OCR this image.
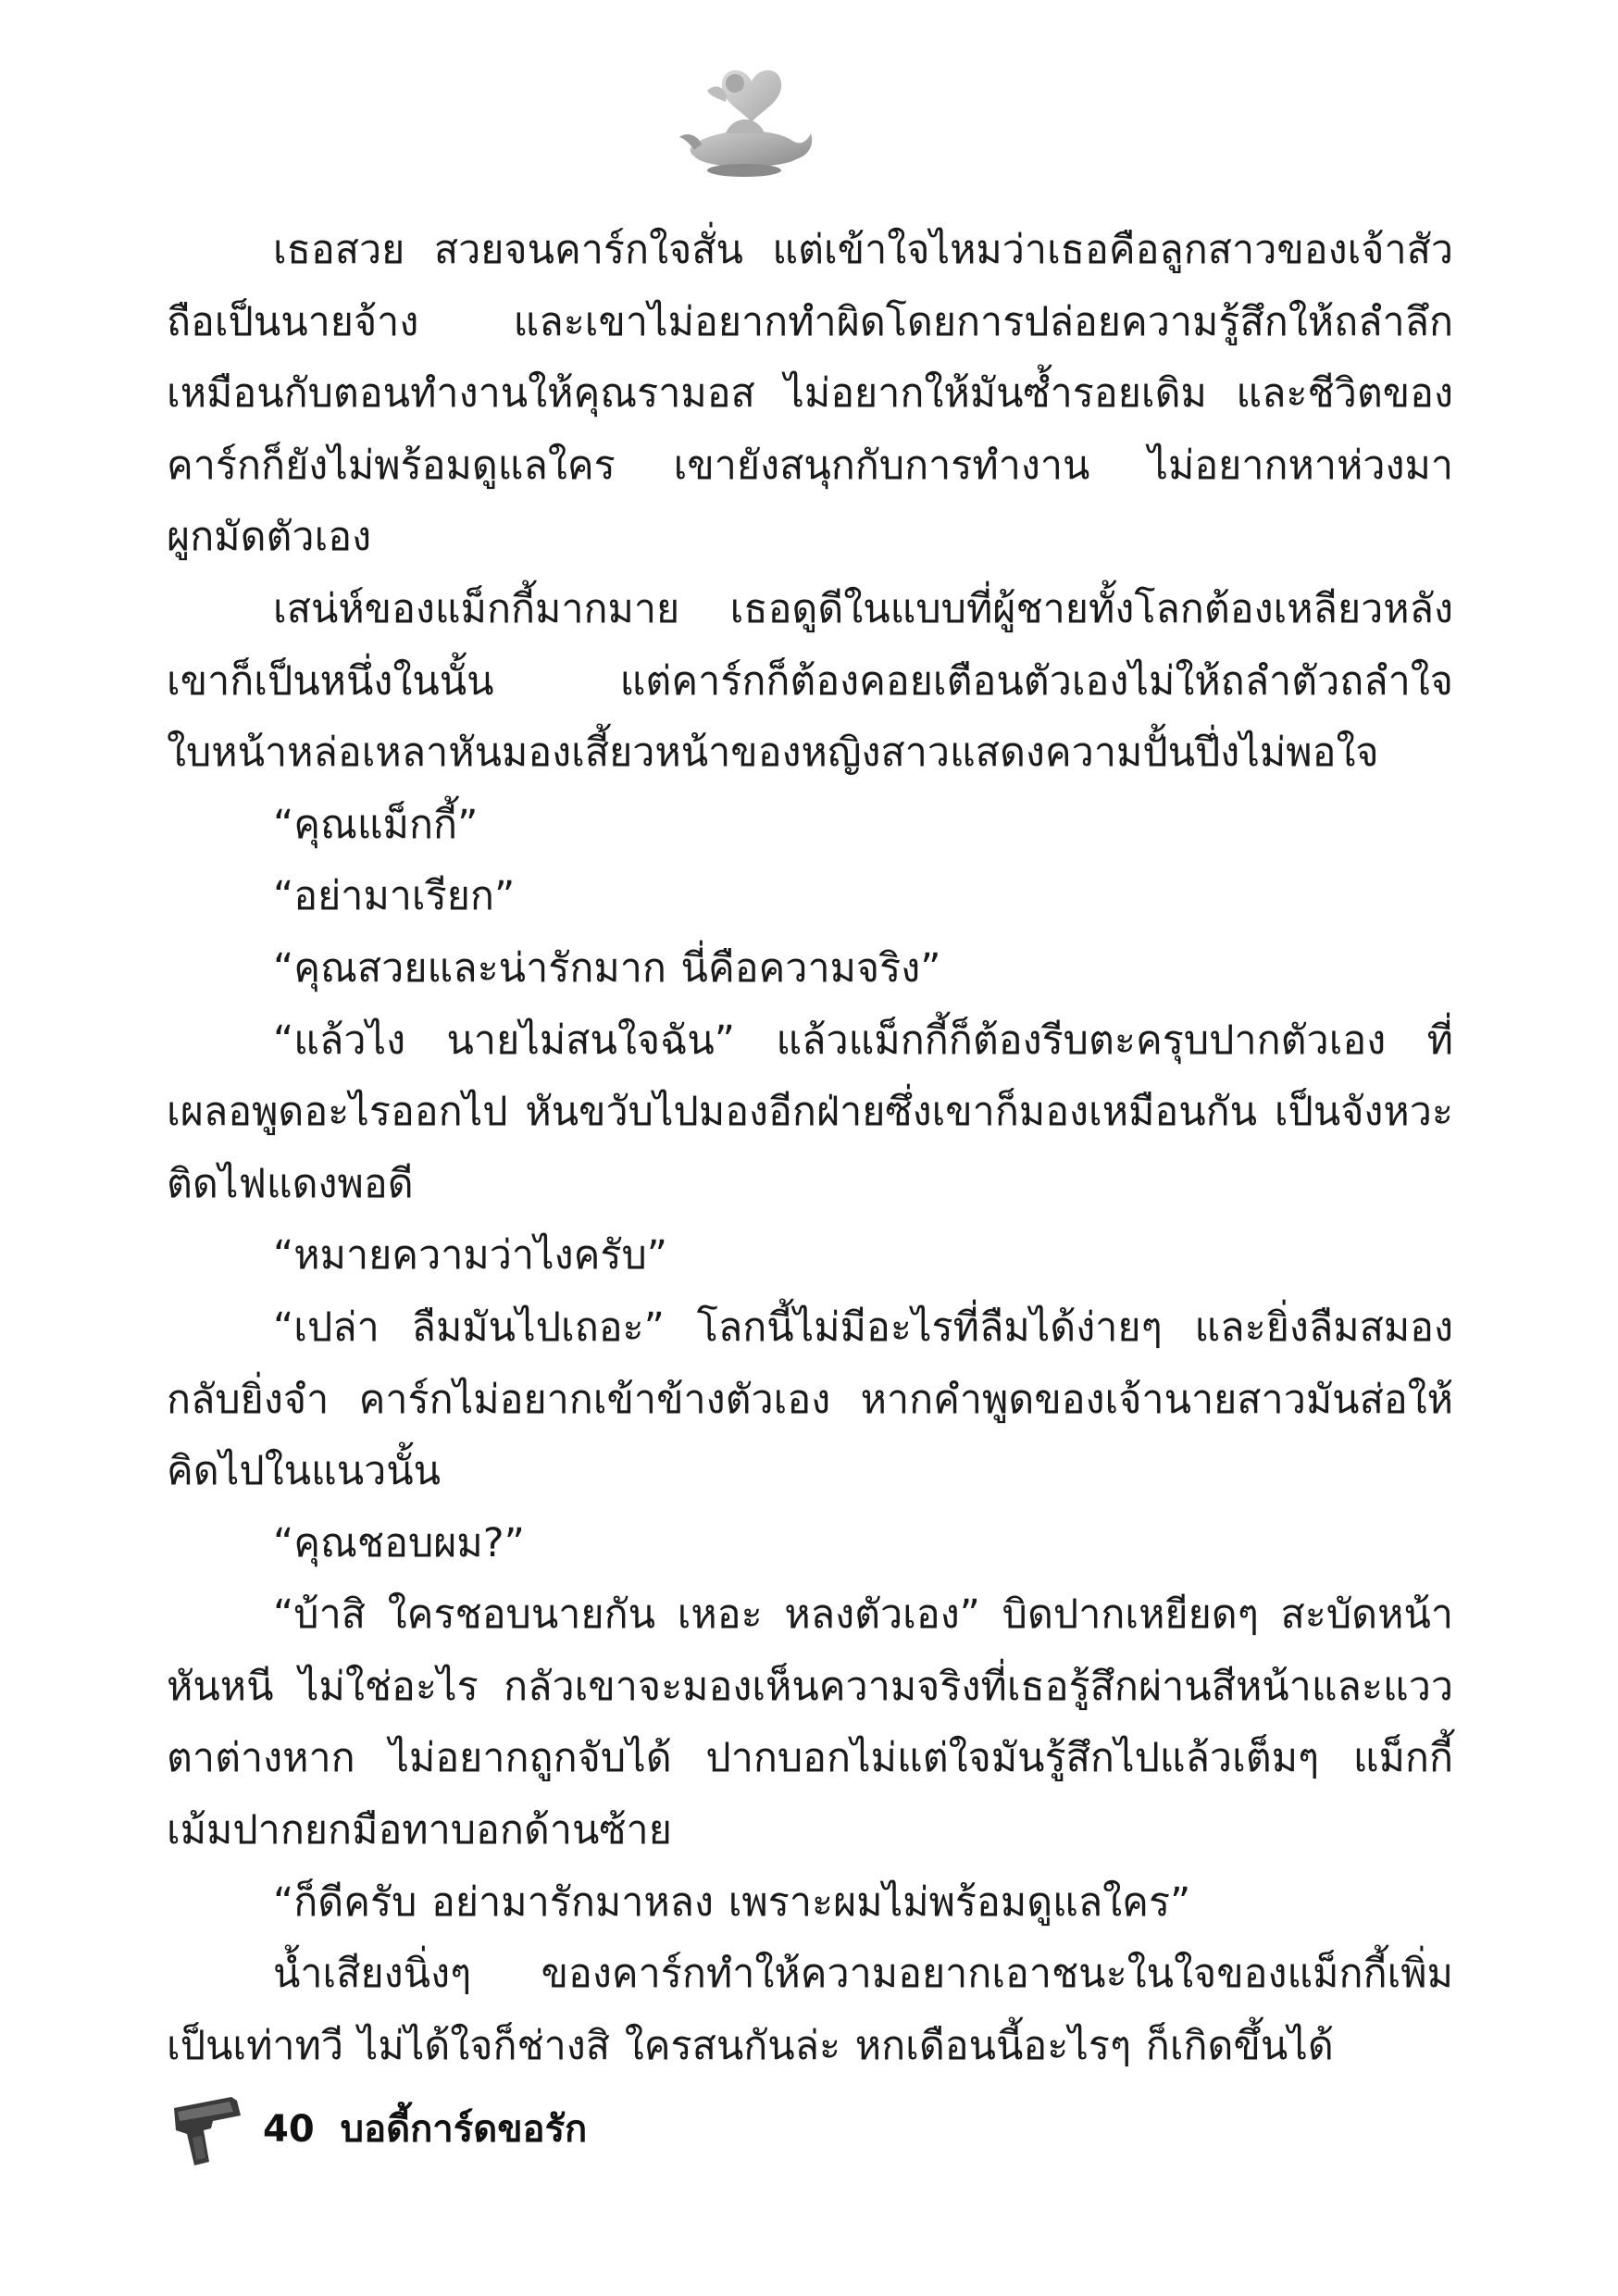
เธอสวย สวยจนคาร์กใจสั่น แต่เข้าใจไหมว่าเธอคือลูกสาวของเจ้าสัว ถือเป็นนายจ้าง และเขาไม่อยากทำผิดโดยการปล่อยความรู้สึกให้ถลำลึก เหมือนกับตอนทำงานให้คุณรามอส ไม่อยากให้มันซ้ำรอยเดิม และชีวิตของคาร์กก็ยังไม่พร้อมดูแลใคร เขายังสนุกกับการทำงาน ไม่อยากหาห่วงมาผูกมัดตัวเอง

เสน่ห์ของแม็กกี้มากมาย เธอดูดีในแบบที่ผู้ชายทั้งโลกต้องเหลียวหลัง เขาก็เป็นหนึ่งในนั้น แต่คาร์กก็ต้องคอยเตือนตัวเองไม่ให้ถลำตัวถลำใจ ใบหน้าหล่อเหลาหันมองเสี้ยวหน้าของหญิงสาวแสดงความปั้นปึ่งไม่พอใจ

“คุณแม็กกี้”

“อย่ามาเรียก”

“คุณสวยและน่ารักมาก นี่คือความจริง”

“แล้วไง นายไม่สนใจฉัน” แล้วแม็กกี้ก็ต้องรีบตะครุบปากตัวเอง ที่เผลอพูดอะไรออกไป หันขวับไปมองอีกฝ่ายซึ่งเขาก็มองเหมือนกัน เป็นจังหวะติดไฟแดงพอดี

“หมายความว่าไงครับ”

“เปล่า ลืมมันไปเถอะ” โลกนี้ไม่มีอะไรที่ลืมได้ง่ายๆ และยิ่งลืมสมองกลับยิ่งจำ คาร์กไม่อยากเข้าข้างตัวเอง หากคำพูดของเจ้านายสาวมันส่อให้คิดไปในแนวนั้น

“คุณชอบผม?”

“บ้าสิ ใครชอบนายกัน เหอะ หลงตัวเอง” บิดปากเหยียดๆ สะบัดหน้าหันหนี ไม่ใช่อะไร กลัวเขาจะมองเห็นความจริงที่เธอรู้สึกผ่านสีหน้าและแววตาต่างหาก ไม่อยากถูกจับได้ ปากบอกไม่แต่ใจมันรู้สึกไปแล้วเต็มๆ แม็กกี้เม้มปากยกมือทาบอกด้านซ้าย

“ก็ดีครับ อย่ามารักมาหลง เพราะผมไม่พร้อมดูแลใคร”

น้ำเสียงนิ่งๆ ของคาร์กทำให้ความอยากเอาชนะในใจของแม็กกี้เพิ่มเป็นเท่าทวี ไม่ได้ใจก็ช่างสิ ใครสนกันล่ะ หกเดือนนี้อะไรๆ ก็เกิดขึ้นได้

40 บอดี้การ์ดขอรัก
